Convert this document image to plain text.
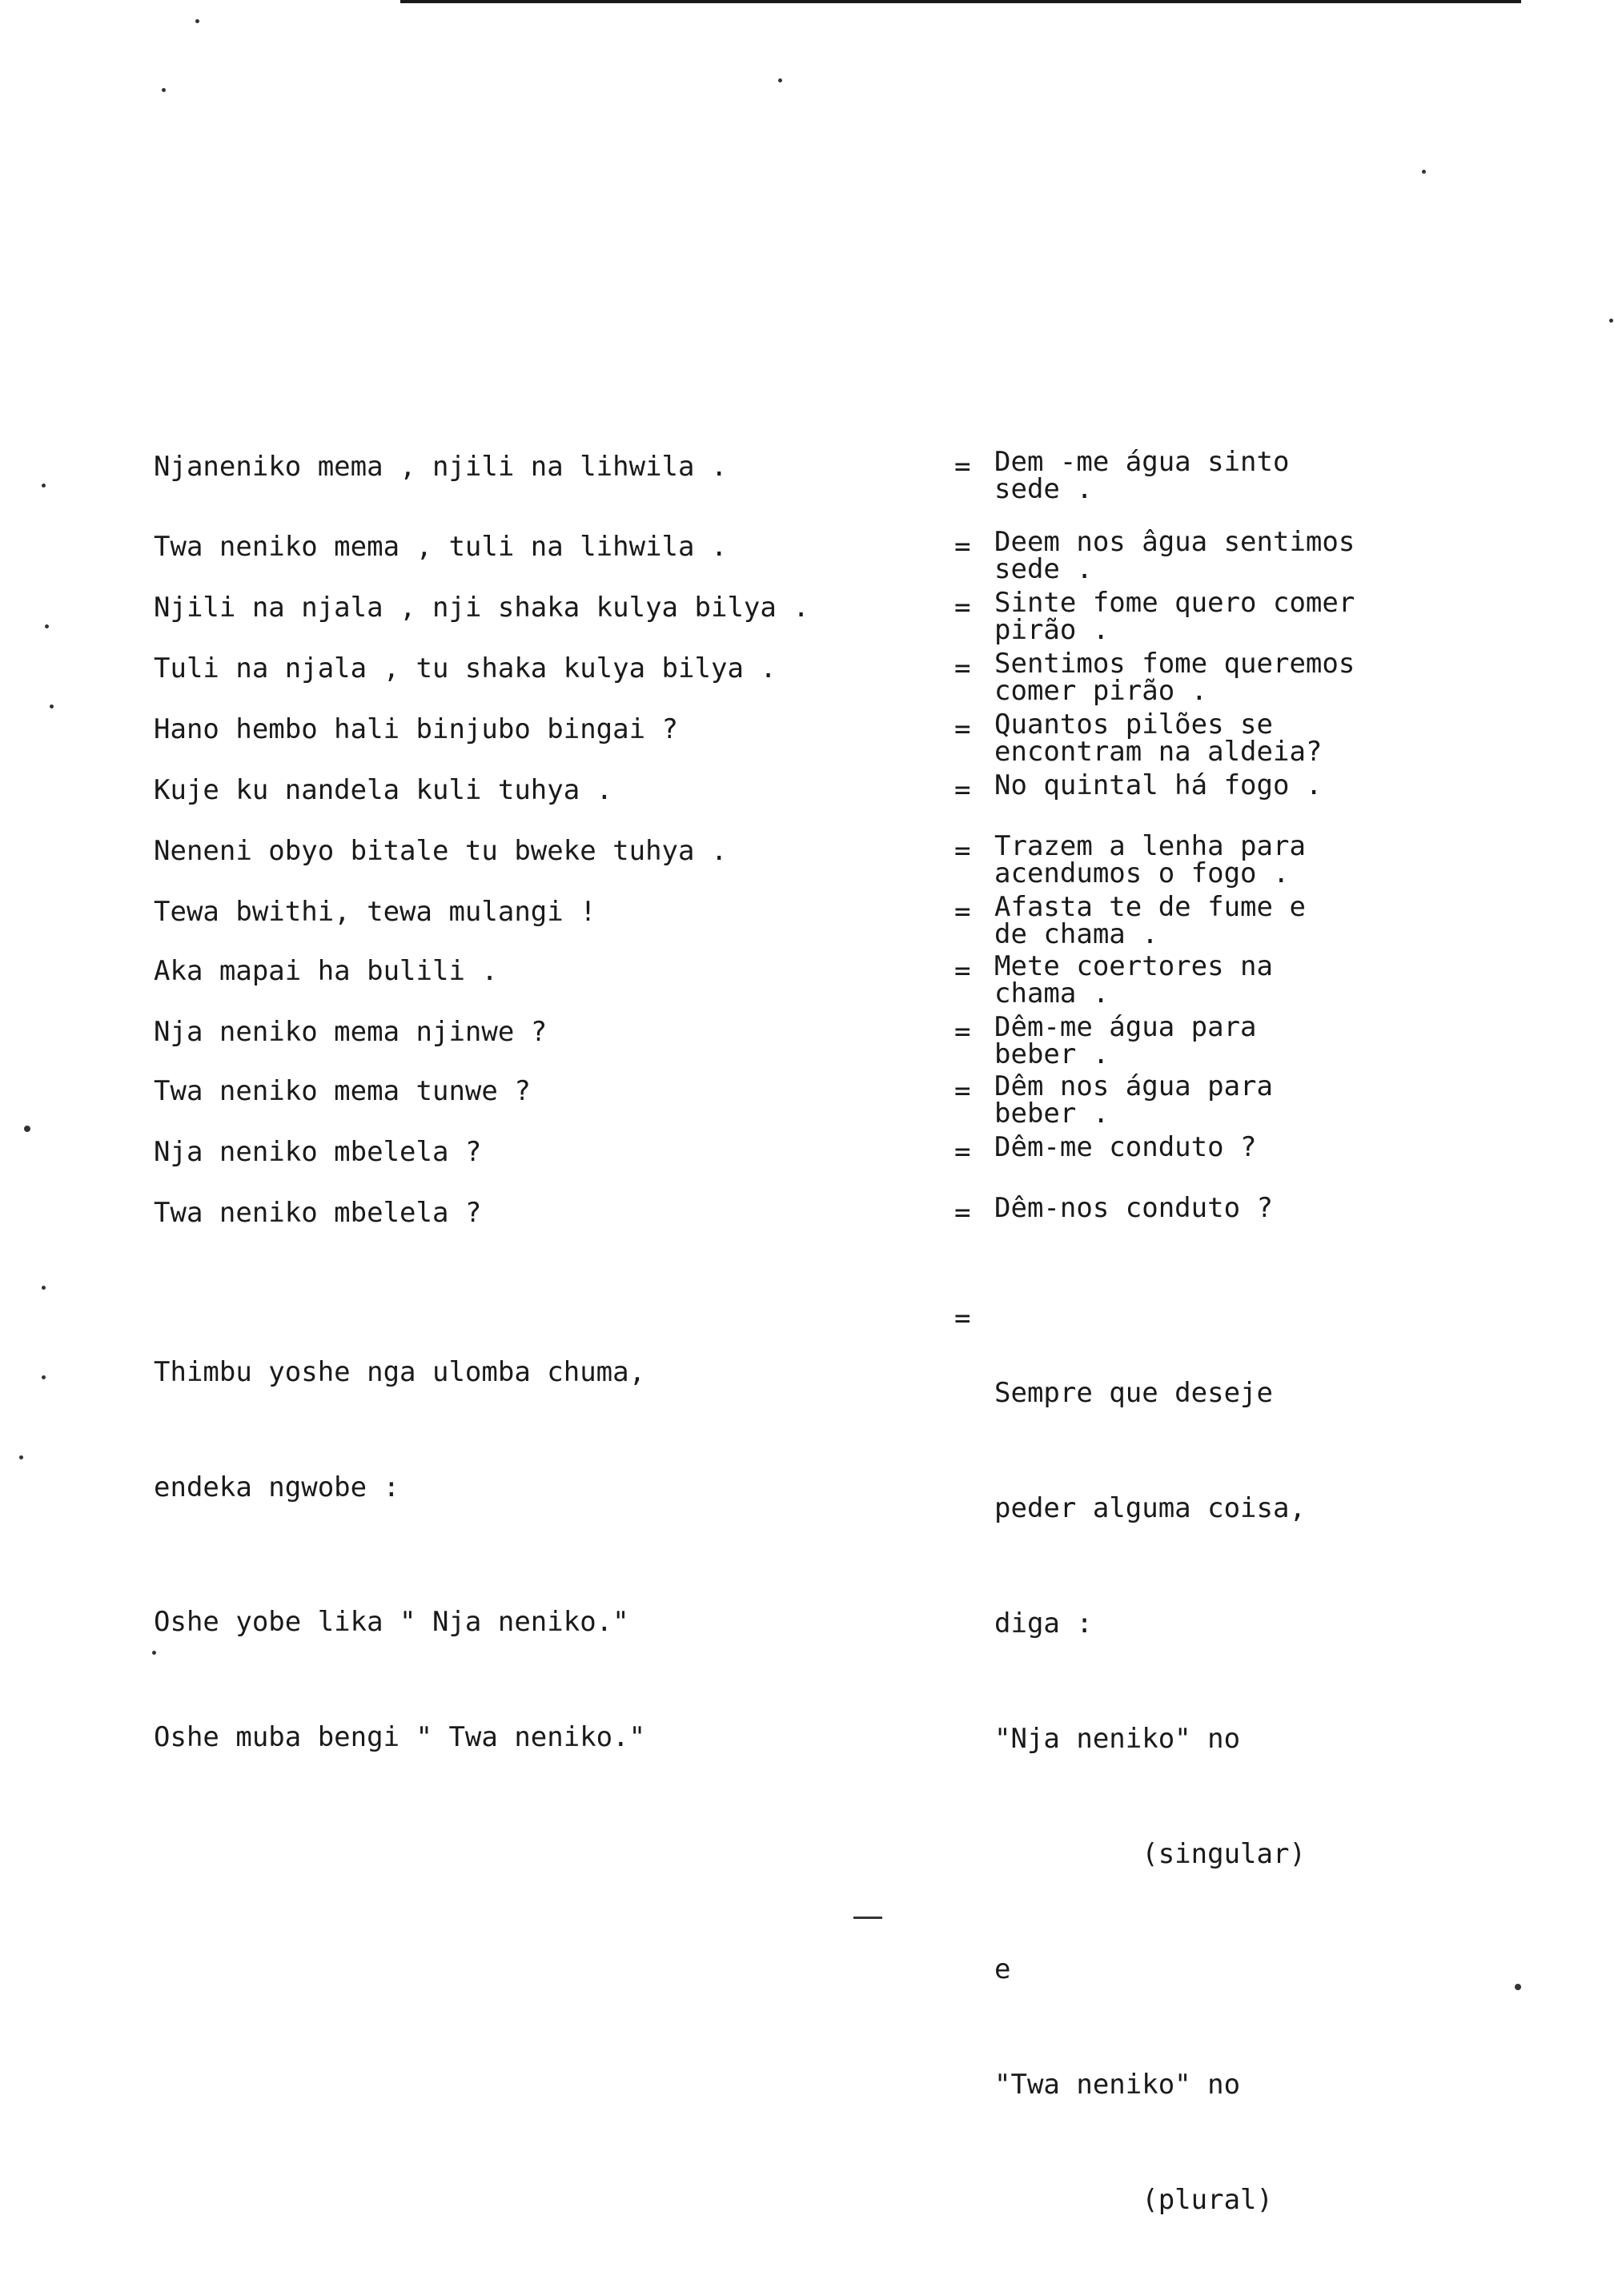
Njaneniko mema , njili na lihwila .	= Dem -me água sinto
sede .
Twa neniko mema , tuli na lihwila .	= Deem nos âgua sentimos
sede .
Njili na njala , nji shaka kulya bilya .	= Sinte fome quero comer
pirão .
Tuli na njala , tu shaka kulya bilya .	= Sentimos fome queremos
comer pirão .
Hano hembo hali binjubo bingai ?	= Quantos pilões se
encontram na aldeia?
Kuje ku nandela kuli tuhya .	= No quintal há fogo .
Neneni obyo bitale tu bweke tuhya .	= Trazem a lenha para
acendumos o fogo .
Tewa bwithi, tewa mulangi !	= Afasta te de fume e
de chama .
Aka mapai ha bulili .	= Mete coertores na
chama .
Nja neniko mema njinwe ?	= Dêm-me água para
beber .
Twa neniko mema tunwe ?	= Dêm nos água para
beber .
Nja neniko mbelela ?	= Dêm-me conduto ?
Twa neniko mbelela ?	= Dêm-nos conduto ?

Thimbu yoshe nga ulomba chuma,

endeka ngwobe :

Oshe yobe lika " Nja neniko."

Oshe muba bengi " Twa neniko."

=

Sempre que deseje

peder alguma coisa,

diga :

"Nja neniko" no

(singular)

e

"Twa neniko" no

(plural)
